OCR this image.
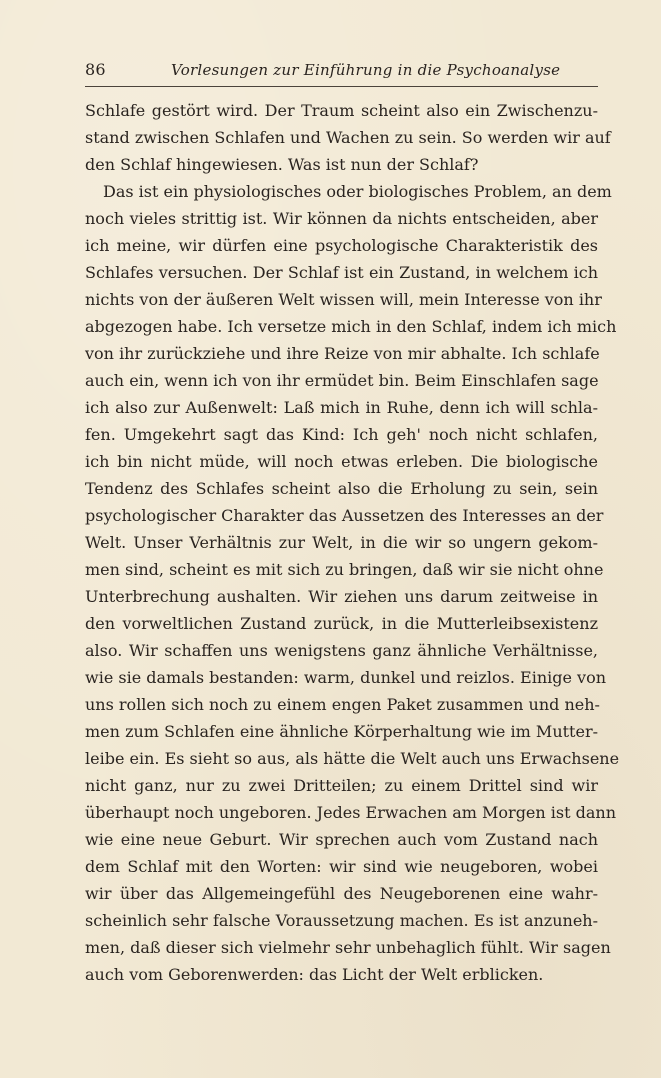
86	Vorlesungen zur Einführung in die Psychoanalyse
Schlafe gestört wird. Der Traum scheint also ein Zwischenzu-
stand zwischen Schlafen und Wachen zu sein. So werden wir auf
den Schlaf hingewiesen. Was ist nun der Schlaf?
Das ist ein physiologisches oder biologisches Problem, an dem
noch vieles strittig ist. Wir können da nichts entscheiden, aber
ich meine, wir dürfen eine psychologische Charakteristik des
Schlafes versuchen. Der Schlaf ist ein Zustand, in welchem ich
nichts von der äußeren Welt wissen will, mein Interesse von ihr
abgezogen habe. Ich versetze mich in den Schlaf, indem ich mich
von ihr zurückziehe und ihre Reize von mir abhalte. Ich schlafe
auch ein, wenn ich von ihr ermüdet bin. Beim Einschlafen sage
ich also zur Außenwelt: Laß mich in Ruhe, denn ich will schla-
fen. Umgekehrt sagt das Kind: Ich geh' noch nicht schlafen,
ich bin nicht müde, will noch etwas erleben. Die biologische
Tendenz des Schlafes scheint also die Erholung zu sein, sein
psychologischer Charakter das Aussetzen des Interesses an der
Welt. Unser Verhältnis zur Welt, in die wir so ungern gekom-
men sind, scheint es mit sich zu bringen, daß wir sie nicht ohne
Unterbrechung aushalten. Wir ziehen uns darum zeitweise in
den vorweltlichen Zustand zurück, in die Mutterleibsexistenz
also. Wir schaffen uns wenigstens ganz ähnliche Verhältnisse,
wie sie damals bestanden: warm, dunkel und reizlos. Einige von
uns rollen sich noch zu einem engen Paket zusammen und neh-
men zum Schlafen eine ähnliche Körperhaltung wie im Mutter-
leibe ein. Es sieht so aus, als hätte die Welt auch uns Erwachsene
nicht ganz, nur zu zwei Dritteilen; zu einem Drittel sind wir
überhaupt noch ungeboren. Jedes Erwachen am Morgen ist dann
wie eine neue Geburt. Wir sprechen auch vom Zustand nach
dem Schlaf mit den Worten: wir sind wie neugeboren, wobei
wir über das Allgemeingefühl des Neugeborenen eine wahr-
scheinlich sehr falsche Voraussetzung machen. Es ist anzuneh-
men, daß dieser sich vielmehr sehr unbehaglich fühlt. Wir sagen
auch vom Geborenwerden: das Licht der Welt erblicken.
